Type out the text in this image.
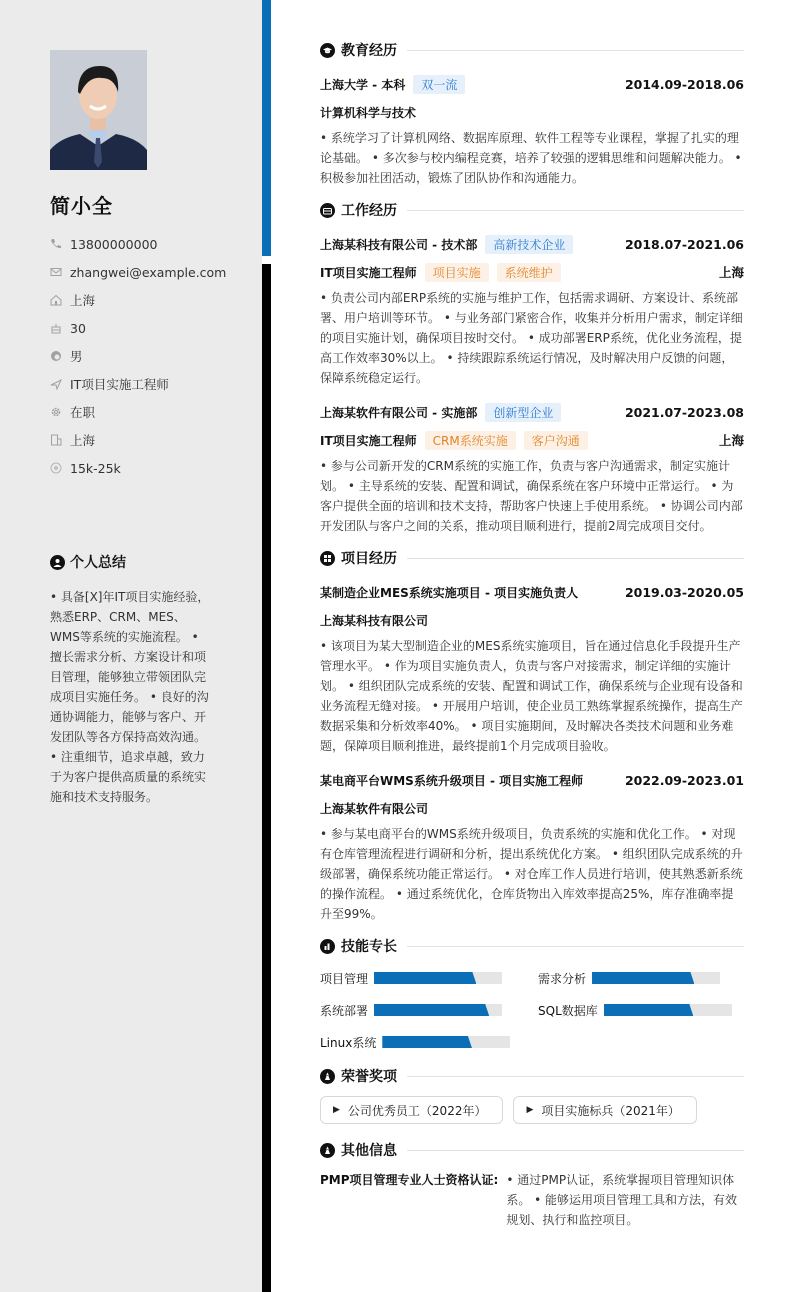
简小全
13800000000
zhangwei@example.com
上海
30
男
IT项目实施工程师
在职
上海
15k-25k
个人总结
• 具备[X]年IT项目实施经验，熟悉ERP、CRM、MES、WMS等系统的实施流程。 • 擅长需求分析、方案设计和项目管理，能够独立带领团队完成项目实施任务。 • 良好的沟通协调能力，能够与客户、开发团队等各方保持高效沟通。 • 注重细节，追求卓越，致力于为客户提供高质量的系统实施和技术支持服务。
教育经历
上海大学 - 本科	双一流	2014.09-2018.06
计算机科学与技术
• 系统学习了计算机网络、数据库原理、软件工程等专业课程，掌握了扎实的理论基础。 • 多次参与校内编程竞赛，培养了较强的逻辑思维和问题解决能力。 • 积极参加社团活动，锻炼了团队协作和沟通能力。
工作经历
上海某科技有限公司 - 技术部	高新技术企业	2018.07-2021.06
IT项目实施工程师	项目实施	系统维护	上海
• 负责公司内部ERP系统的实施与维护工作，包括需求调研、方案设计、系统部署、用户培训等环节。 • 与业务部门紧密合作，收集并分析用户需求，制定详细的项目实施计划，确保项目按时交付。 • 成功部署ERP系统，优化业务流程，提高工作效率30%以上。 • 持续跟踪系统运行情况，及时解决用户反馈的问题，保障系统稳定运行。
上海某软件有限公司 - 实施部	创新型企业	2021.07-2023.08
IT项目实施工程师	CRM系统实施	客户沟通	上海
• 参与公司新开发的CRM系统的实施工作，负责与客户沟通需求，制定实施计划。 • 主导系统的安装、配置和调试，确保系统在客户环境中正常运行。 • 为客户提供全面的培训和技术支持，帮助客户快速上手使用系统。 • 协调公司内部开发团队与客户之间的关系，推动项目顺利进行，提前2周完成项目交付。
项目经历
某制造企业MES系统实施项目 - 项目实施负责人	2019.03-2020.05
上海某科技有限公司
• 该项目为某大型制造企业的MES系统实施项目，旨在通过信息化手段提升生产管理水平。 • 作为项目实施负责人，负责与客户对接需求，制定详细的实施计划。 • 组织团队完成系统的安装、配置和调试工作，确保系统与企业现有设备和业务流程无缝对接。 • 开展用户培训，使企业员工熟练掌握系统操作，提高生产数据采集和分析效率40%。 • 项目实施期间，及时解决各类技术问题和业务难题，保障项目顺利推进，最终提前1个月完成项目验收。
某电商平台WMS系统升级项目 - 项目实施工程师	2022.09-2023.01
上海某软件有限公司
• 参与某电商平台的WMS系统升级项目，负责系统的实施和优化工作。 • 对现有仓库管理流程进行调研和分析，提出系统优化方案。 • 组织团队完成系统的升级部署，确保系统功能正常运行。 • 对仓库工作人员进行培训，使其熟悉新系统的操作流程。 • 通过系统优化，仓库货物出入库效率提高25%，库存准确率提升至99%。
技能专长
项目管理	需求分析
系统部署	SQL数据库
Linux系统
荣誉奖项
▶ 公司优秀员工（2022年）	▶ 项目实施标兵（2021年）
其他信息
PMP项目管理专业人士资格认证: • 通过PMP认证，系统掌握项目管理知识体系。 • 能够运用项目管理工具和方法，有效规划、执行和监控项目。
